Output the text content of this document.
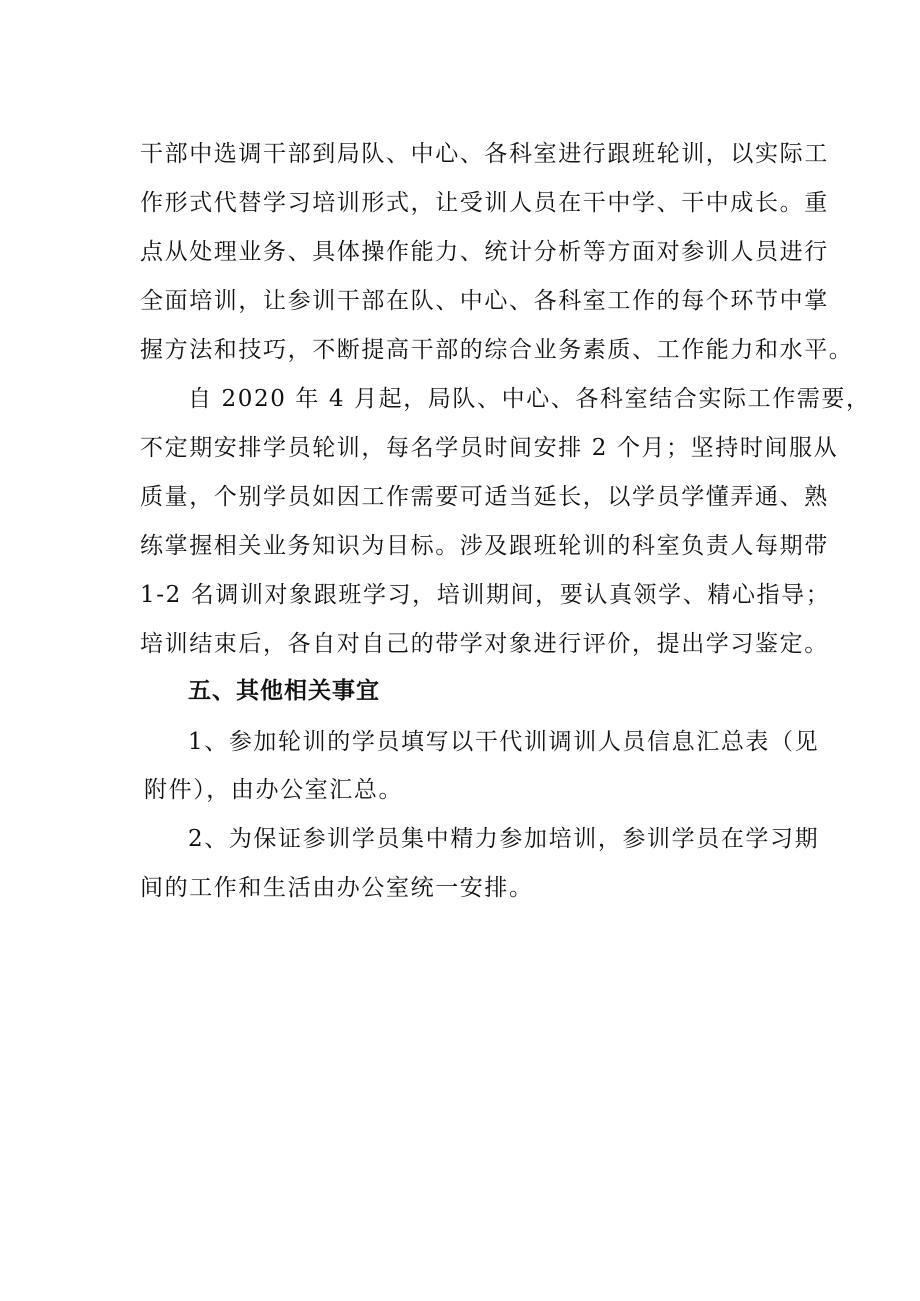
干部中选调干部到局队、中心、各科室进行跟班轮训，以实际工
作形式代替学习培训形式，让受训人员在干中学、干中成长。重
点从处理业务、具体操作能力、统计分析等方面对参训人员进行
全面培训，让参训干部在队、中心、各科室工作的每个环节中掌
握方法和技巧，不断提高干部的综合业务素质、工作能力和水平。
自 2020 年 4 月起，局队、中心、各科室结合实际工作需要，
不定期安排学员轮训，每名学员时间安排 2 个月；坚持时间服从
质量，个别学员如因工作需要可适当延长，以学员学懂弄通、熟
练掌握相关业务知识为目标。涉及跟班轮训的科室负责人每期带
1-2 名调训对象跟班学习，培训期间，要认真领学、精心指导；
培训结束后，各自对自己的带学对象进行评价，提出学习鉴定。
五、其他相关事宜
1、参加轮训的学员填写以干代训调训人员信息汇总表（见
附件），由办公室汇总。
2、为保证参训学员集中精力参加培训，参训学员在学习期
间的工作和生活由办公室统一安排。
